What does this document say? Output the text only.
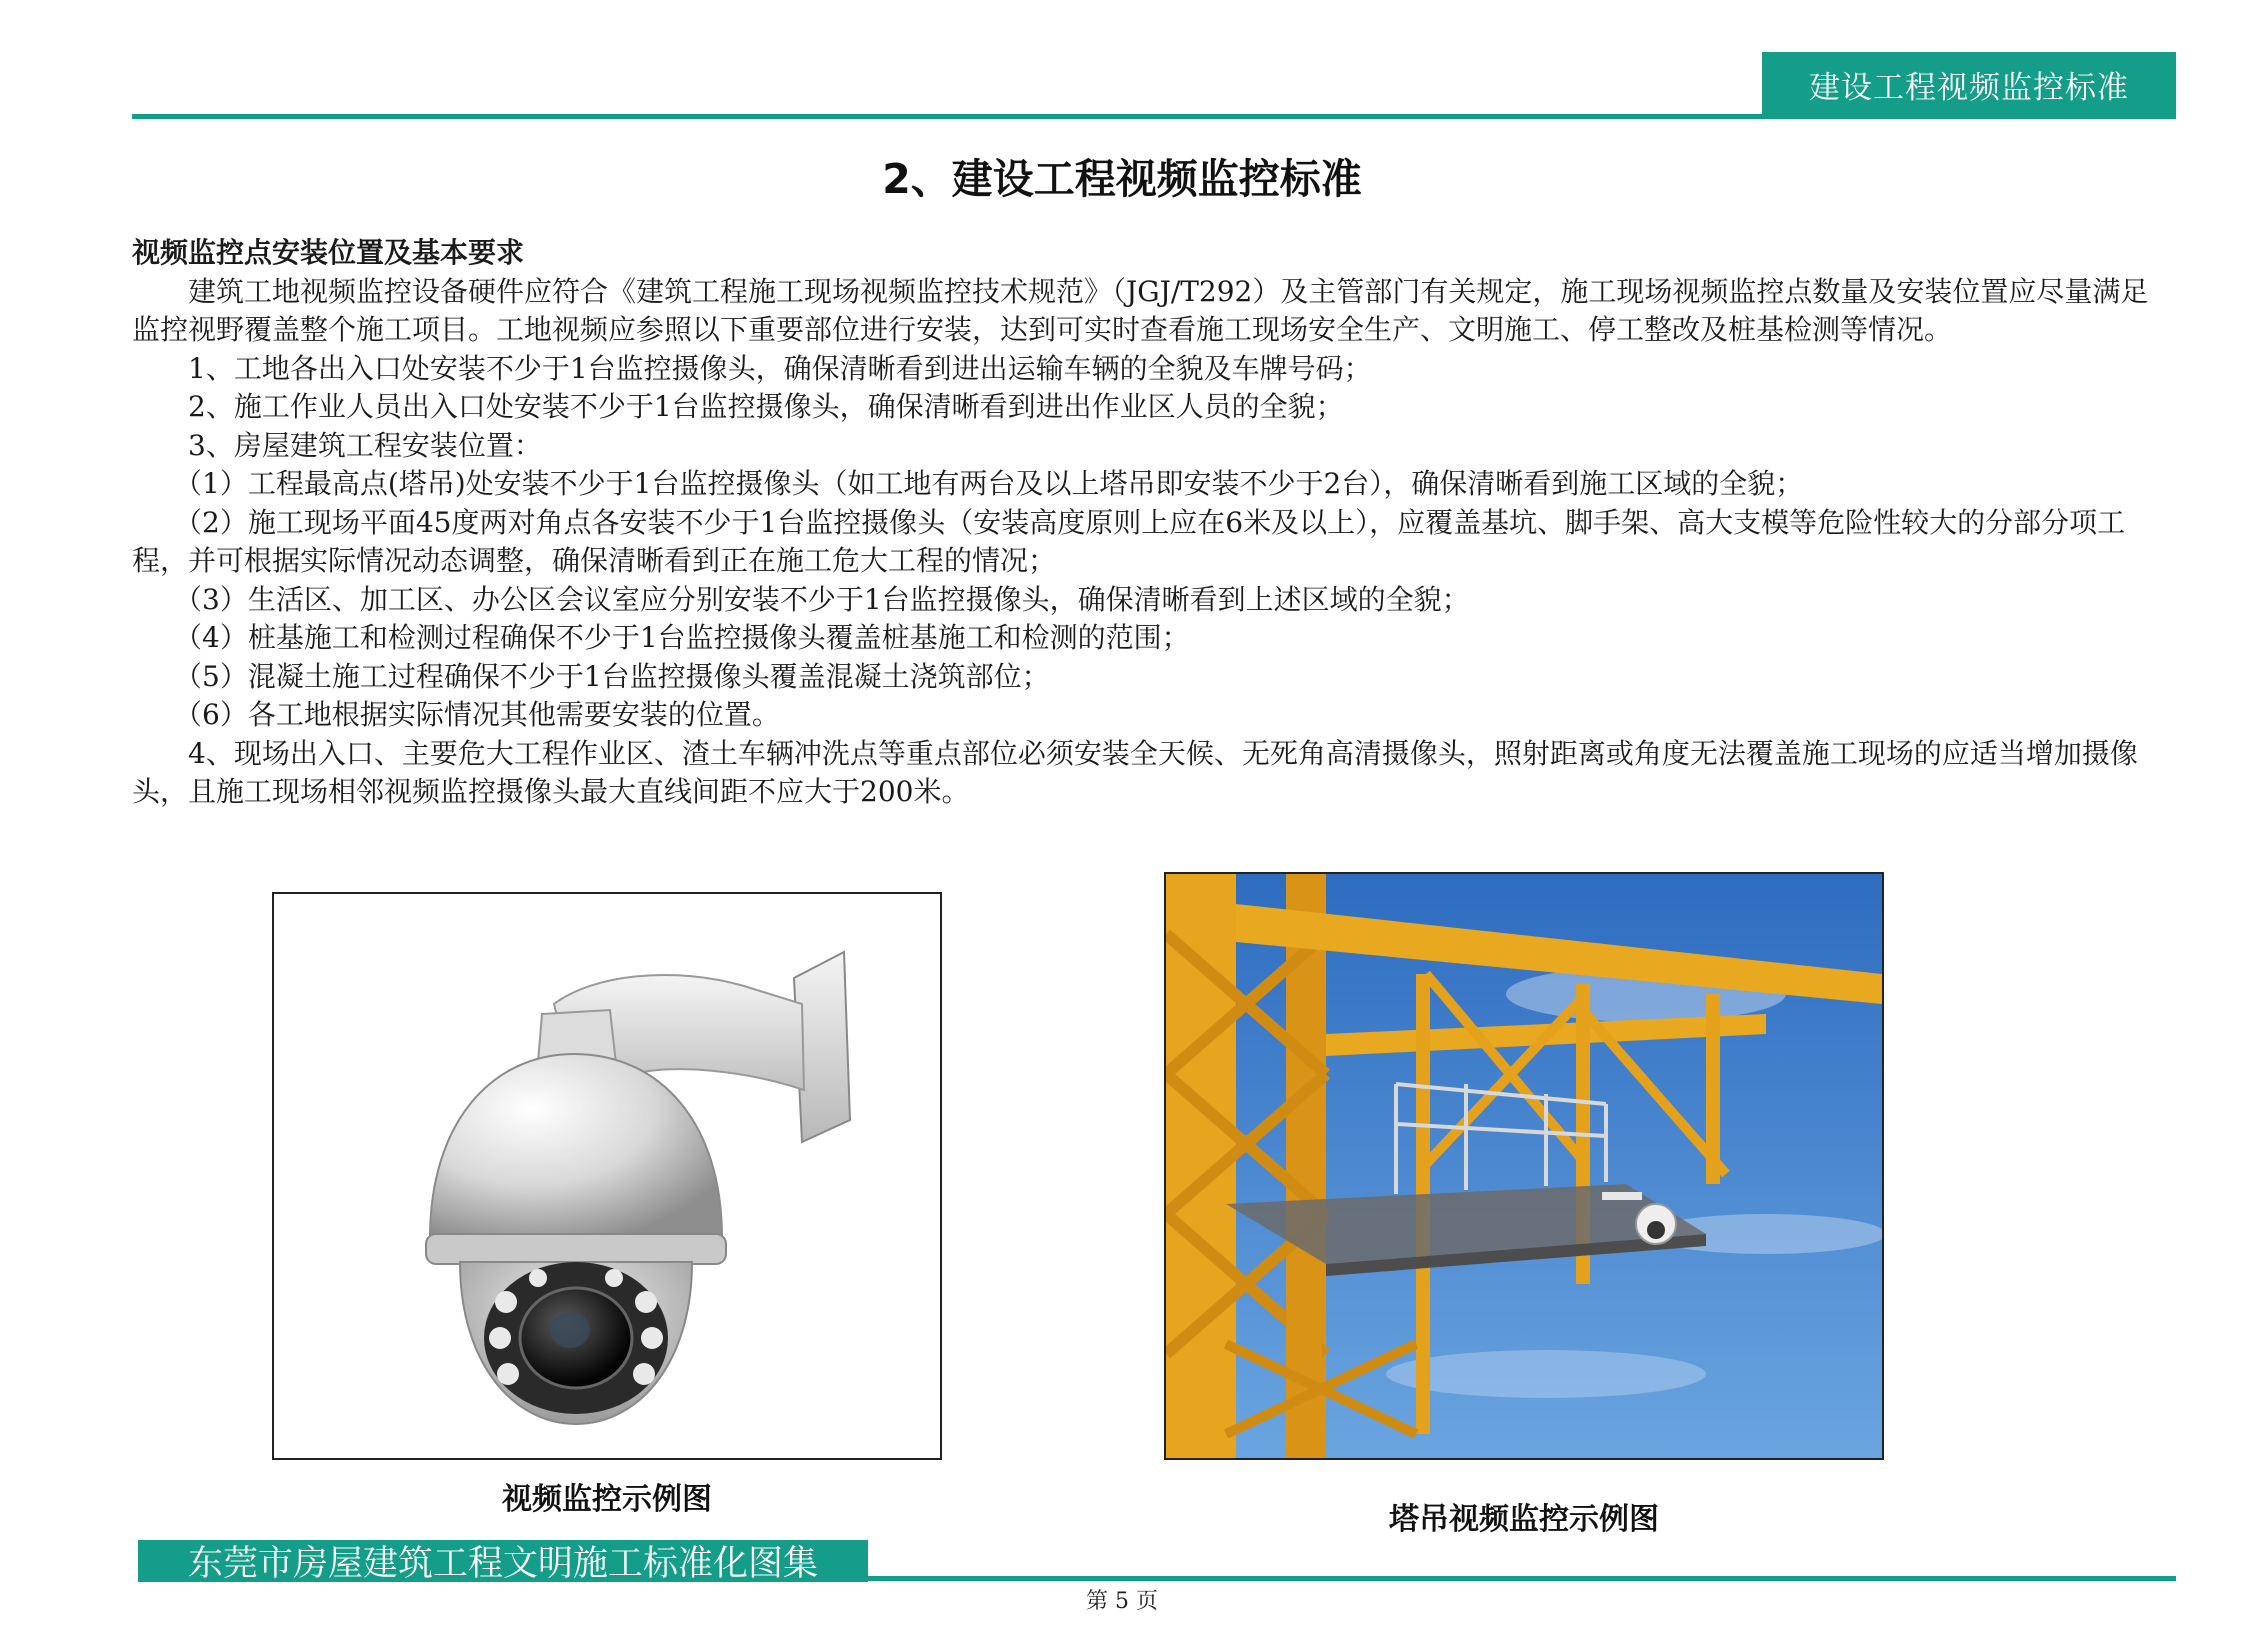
建设工程视频监控标准
2、建设工程视频监控标准

视频监控点安装位置及基本要求

建筑工地视频监控设备硬件应符合《建筑工程施工现场视频监控技术规范》（JGJ/T292）及主管部门有关规定，施工现场视频监控点数量及安装位置应尽量满足监控视野覆盖整个施工项目。工地视频应参照以下重要部位进行安装，达到可实时查看施工现场安全生产、文明施工、停工整改及桩基检测等情况。

1、工地各出入口处安装不少于1台监控摄像头，确保清晰看到进出运输车辆的全貌及车牌号码；

2、施工作业人员出入口处安装不少于1台监控摄像头，确保清晰看到进出作业区人员的全貌；

3、房屋建筑工程安装位置：

（1）工程最高点(塔吊)处安装不少于1台监控摄像头（如工地有两台及以上塔吊即安装不少于2台），确保清晰看到施工区域的全貌；

（2）施工现场平面45度两对角点各安装不少于1台监控摄像头（安装高度原则上应在6米及以上），应覆盖基坑、脚手架、高大支模等危险性较大的分部分项工程，并可根据实际情况动态调整，确保清晰看到正在施工危大工程的情况；

（3）生活区、加工区、办公区会议室应分别安装不少于1台监控摄像头，确保清晰看到上述区域的全貌；

（4）桩基施工和检测过程确保不少于1台监控摄像头覆盖桩基施工和检测的范围；

（5）混凝土施工过程确保不少于1台监控摄像头覆盖混凝土浇筑部位；

（6）各工地根据实际情况其他需要安装的位置。

4、现场出入口、主要危大工程作业区、渣土车辆冲洗点等重点部位必须安装全天候、无死角高清摄像头，照射距离或角度无法覆盖施工现场的应适当增加摄像头，且施工现场相邻视频监控摄像头最大直线间距不应大于200米。

视频监控示例图
塔吊视频监控示例图
东莞市房屋建筑工程文明施工标准化图集
第 5 页
